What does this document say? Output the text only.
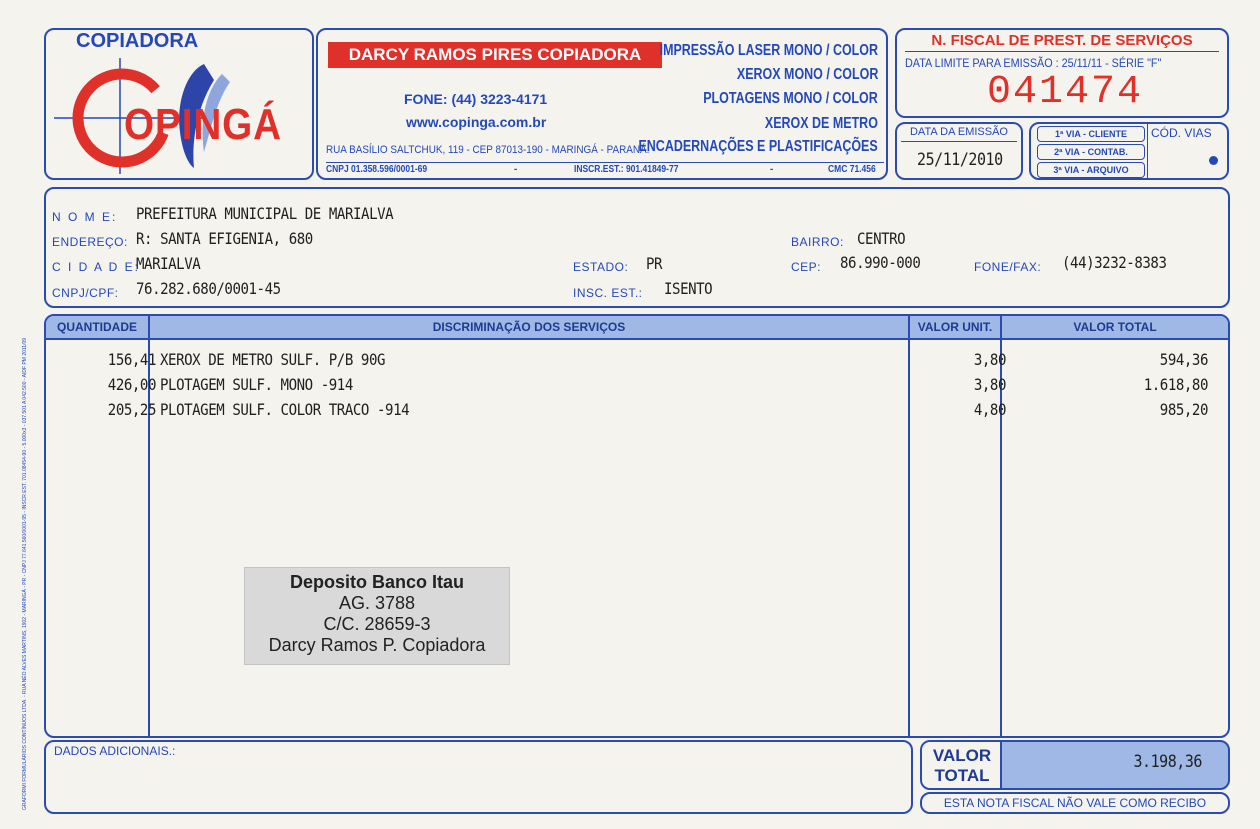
GRAFORMI FORMULÁRIOS CONTÍNUOS LTDA. - RUA NÉO ALVES MARTINS, 1902 - MARINGÁ - PR - CNPJ 77.641.560/0001-95 - INSCR.EST. 701.08454-90 - 5.000x3 - 037.501 A 042.500 - AIDF PM 2011/09
COPIADORA
OPINGÁ
DARCY RAMOS PIRES COPIADORA
FONE: (44) 3223-4171
www.copinga.com.br
RUA BASÍLIO SALTCHUK, 119 - CEP 87013-190 - MARINGÁ - PARANÁ.
CNPJ 01.358.596/0001-69	-	INSCR.EST.: 901.41849-77	-	CMC 71.456
IMPRESSÃO LASER MONO / COLOR
XEROX MONO / COLOR
PLOTAGENS MONO / COLOR
XEROX DE METRO
ENCADERNAÇÕES E PLASTIFICAÇÕES
N. FISCAL DE PREST. DE SERVIÇOS
DATA LIMITE PARA EMISSÃO : 25/11/11 - SÉRIE "F"
041474
DATA DA EMISSÃO
25/11/2010
1ª VIA - CLIENTE
2ª VIA - CONTAB.
3ª VIA - ARQUIVO
CÓD. VIAS
N O M E: PREFEITURA MUNICIPAL DE MARIALVA
ENDEREÇO: R: SANTA EFIGENIA, 680
C I D A D E:
MARIALVA
CNPJ/CPF: 76.282.680/0001-45
ESTADO: PR
INSC. EST.: ISENTO
BAIRRO: CENTRO
CEP: 86.990-000	FONE/FAX: (44)3232-8383
QUANTIDADE	DISCRIMINAÇÃO DOS SERVIÇOS	VALOR UNIT.	VALOR TOTAL
156,41 XEROX DE METRO SULF. P/B 90G	3,80	594,36
426,00 PLOTAGEM SULF. MONO -914	3,80	1.618,80
205,25 PLOTAGEM SULF. COLOR TRACO -914	4,80	985,20
Deposito Banco Itau
AG. 3788
C/C. 28659-3
Darcy Ramos P. Copiadora
DADOS ADICIONAIS.:	VALOR
TOTAL
3.198,36
ESTA NOTA FISCAL NÃO VALE COMO RECIBO
